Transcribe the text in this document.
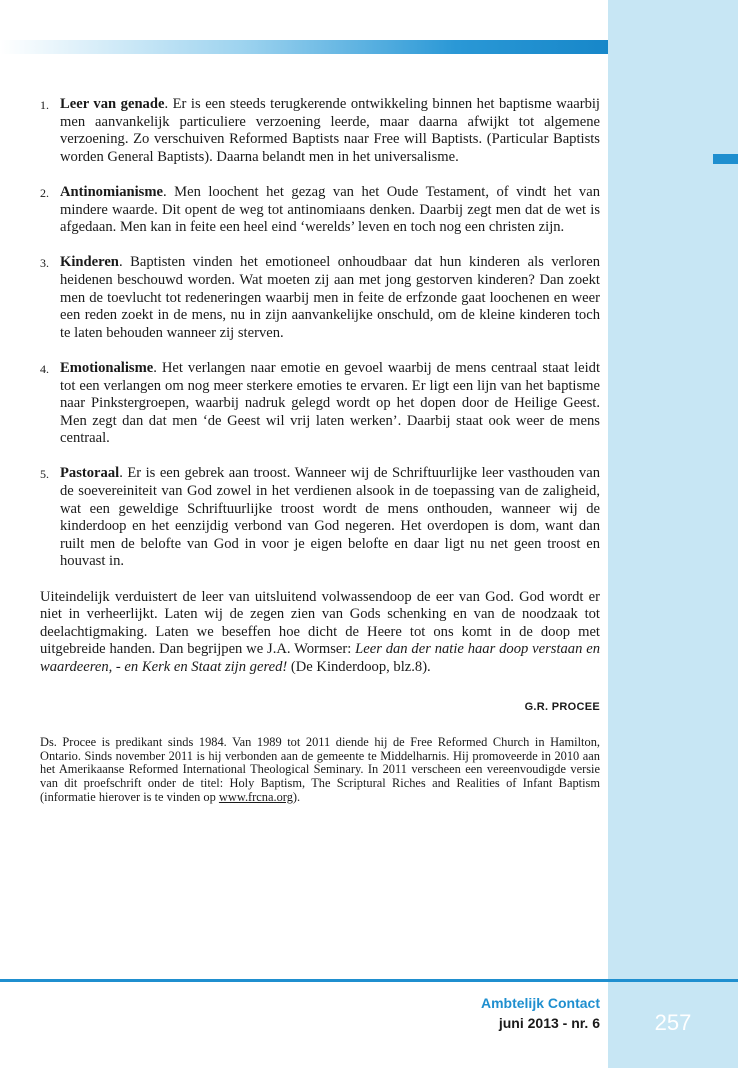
1. Leer van genade. Er is een steeds terugkerende ontwikkeling binnen het baptisme waarbij men aanvankelijk particuliere verzoening leerde, maar daarna afwijkt tot algemene verzoening. Zo verschuiven Reformed Baptists naar Free will Baptists. (Particular Baptists worden General Baptists). Daarna belandt men in het universalisme.
2. Antinomianisme. Men loochent het gezag van het Oude Testament, of vindt het van mindere waarde. Dit opent de weg tot antinomiaans denken. Daarbij zegt men dat de wet is afgedaan. Men kan in feite een heel eind ‘werelds’ leven en toch nog een christen zijn.
3. Kinderen. Baptisten vinden het emotioneel onhoudbaar dat hun kinderen als verloren heidenen beschouwd worden. Wat moeten zij aan met jong gestorven kinderen? Dan zoekt men de toevlucht tot redeneringen waarbij men in feite de erfzonde gaat loochenen en weer een reden zoekt in de mens, nu in zijn aanvankelijke onschuld, om de kleine kinderen toch te laten behouden wanneer zij sterven.
4. Emotionalisme. Het verlangen naar emotie en gevoel waarbij de mens centraal staat leidt tot een verlangen om nog meer sterkere emoties te ervaren. Er ligt een lijn van het baptisme naar Pinkstergroepen, waarbij nadruk gelegd wordt op het dopen door de Heilige Geest. Men zegt dan dat men ‘de Geest wil vrij laten werken’. Daarbij staat ook weer de mens centraal.
5. Pastoraal. Er is een gebrek aan troost. Wanneer wij de Schriftuurlijke leer vasthouden van de soevereiniteit van God zowel in het verdienen alsook in de toepassing van de zaligheid, wat een geweldige Schriftuurlijke troost wordt de mens onthouden, wanneer wij de kinderdoop en het eenzijdig verbond van God negeren. Het overdopen is dom, want dan ruilt men de belofte van God in voor je eigen belofte en daar ligt nu net geen troost en houvast in.

Uiteindelijk verduistert de leer van uitsluitend volwassendoop de eer van God. God wordt er niet in verheerlijkt. Laten wij de zegen zien van Gods schenking en van de noodzaak tot deelachtigmaking. Laten we beseffen hoe dicht de Heere tot ons komt in de doop met uitgebreide handen. Dan begrijpen we J.A. Wormser: Leer dan der natie haar doop verstaan en waardeeren, - en Kerk en Staat zijn gered! (De Kinderdoop, blz.8).

G.R. PROCEE

Ds. Procee is predikant sinds 1984. Van 1989 tot 2011 diende hij de Free Reformed Church in Hamilton, Ontario. Sinds november 2011 is hij verbonden aan de gemeente te Middelharnis. Hij promoveerde in 2010 aan het Amerikaanse Reformed International Theological Seminary. In 2011 verscheen een vereenvoudigde versie van dit proefschrift onder de titel: Holy Baptism, The Scriptural Riches and Realities of Infant Baptism (informatie hierover is te vinden op www.frcna.org).

Ambtelijk Contact
juni 2013 - nr. 6	257
